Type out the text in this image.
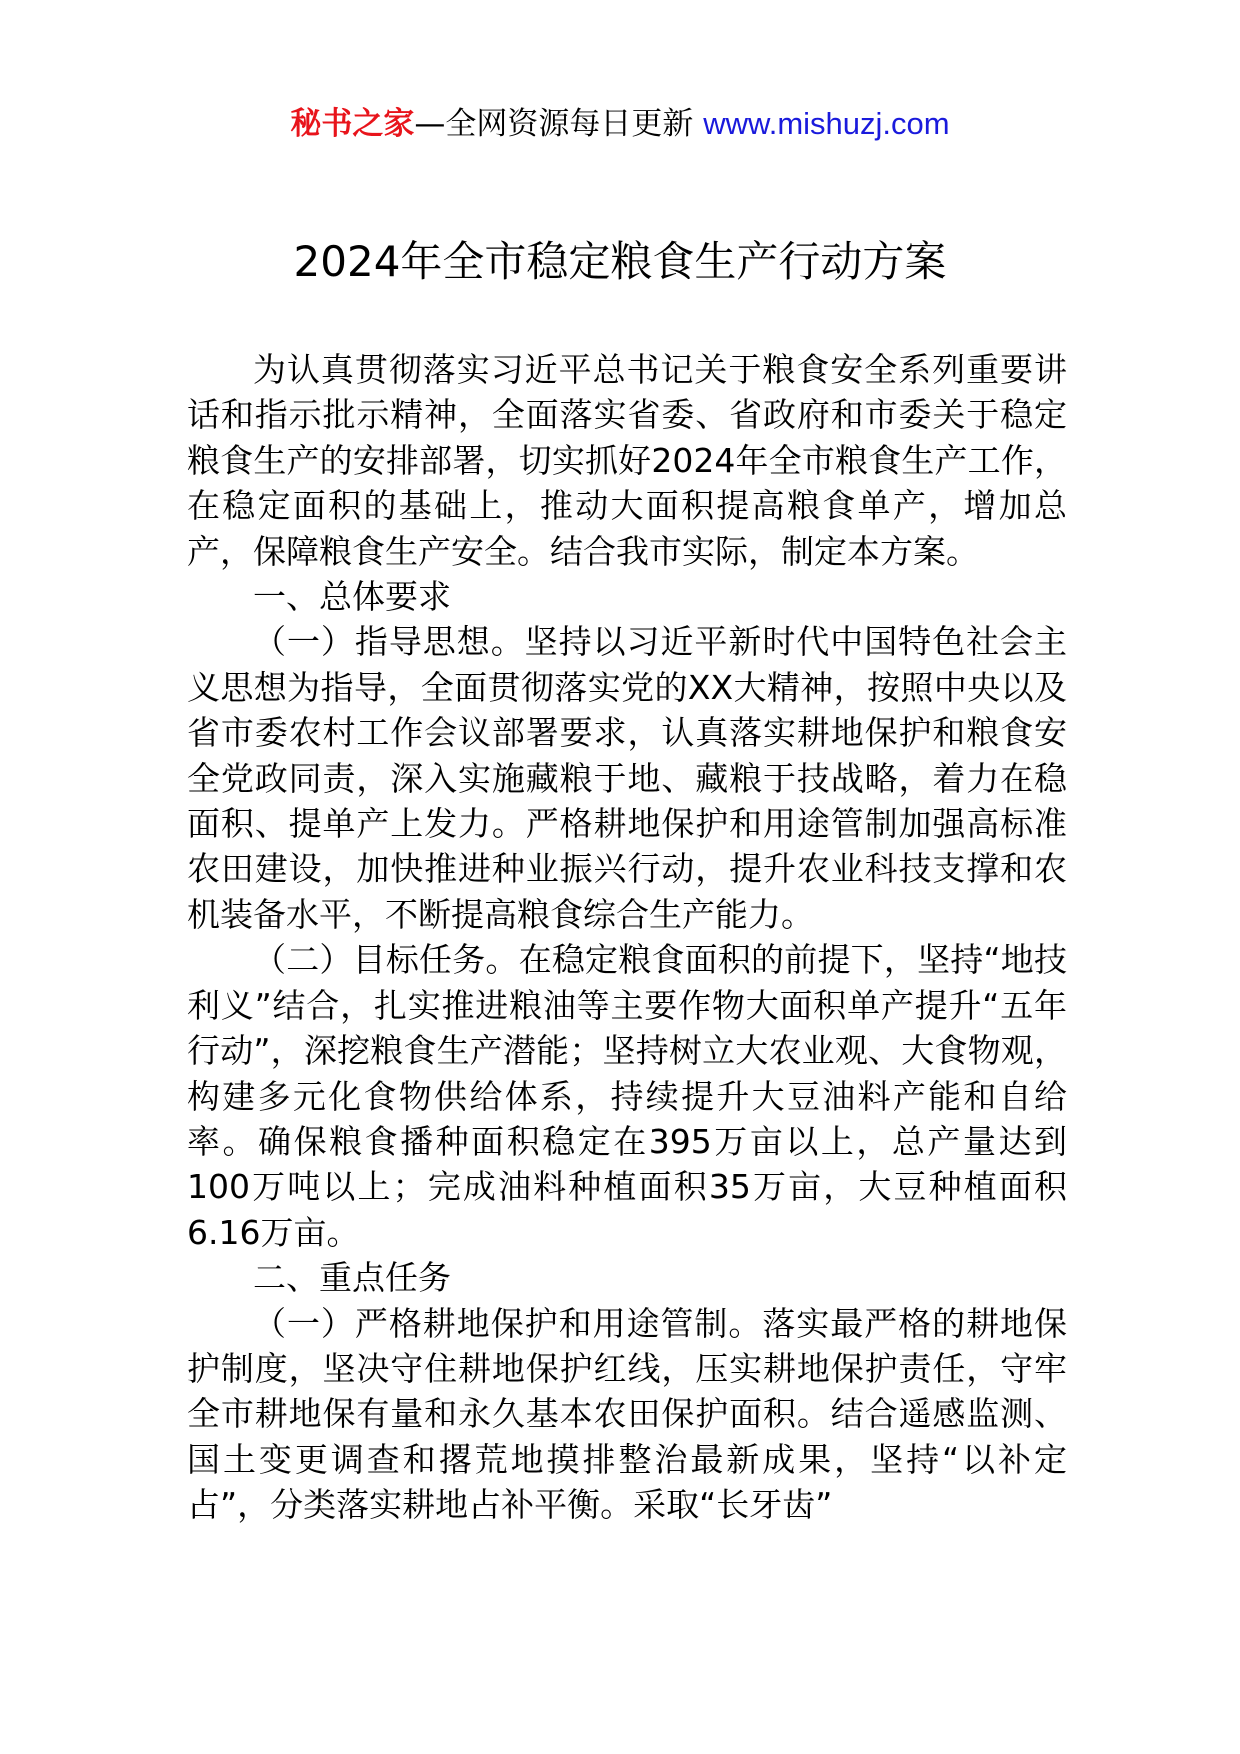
秘书之家—全网资源每日更新 www.mishuzj.com
2024年全市稳定粮食生产行动方案

为认真贯彻落实习近平总书记关于粮食安全系列重要讲话和指示批示精神，全面落实省委、省政府和市委关于稳定粮食生产的安排部署，切实抓好2024年全市粮食生产工作，在稳定面积的基础上，推动大面积提高粮食单产，增加总产，保障粮食生产安全。结合我市实际，制定本方案。

一、总体要求

（一）指导思想。坚持以习近平新时代中国特色社会主义思想为指导，全面贯彻落实党的XX大精神，按照中央以及省市委农村工作会议部署要求，认真落实耕地保护和粮食安全党政同责，深入实施藏粮于地、藏粮于技战略，着力在稳面积、提单产上发力。严格耕地保护和用途管制加强高标准农田建设，加快推进种业振兴行动，提升农业科技支撑和农机装备水平，不断提高粮食综合生产能力。

（二）目标任务。在稳定粮食面积的前提下，坚持“地技利义”结合，扎实推进粮油等主要作物大面积单产提升“五年行动”，深挖粮食生产潜能；坚持树立大农业观、大食物观，构建多元化食物供给体系，持续提升大豆油料产能和自给率。确保粮食播种面积稳定在395万亩以上，总产量达到100万吨以上；完成油料种植面积35万亩，大豆种植面积6.16万亩。

二、重点任务

（一）严格耕地保护和用途管制。落实最严格的耕地保护制度，坚决守住耕地保护红线，压实耕地保护责任，守牢全市耕地保有量和永久基本农田保护面积。结合遥感监测、国土变更调查和撂荒地摸排整治最新成果，坚持“以补定占”，分类落实耕地占补平衡。采取“长牙齿”
